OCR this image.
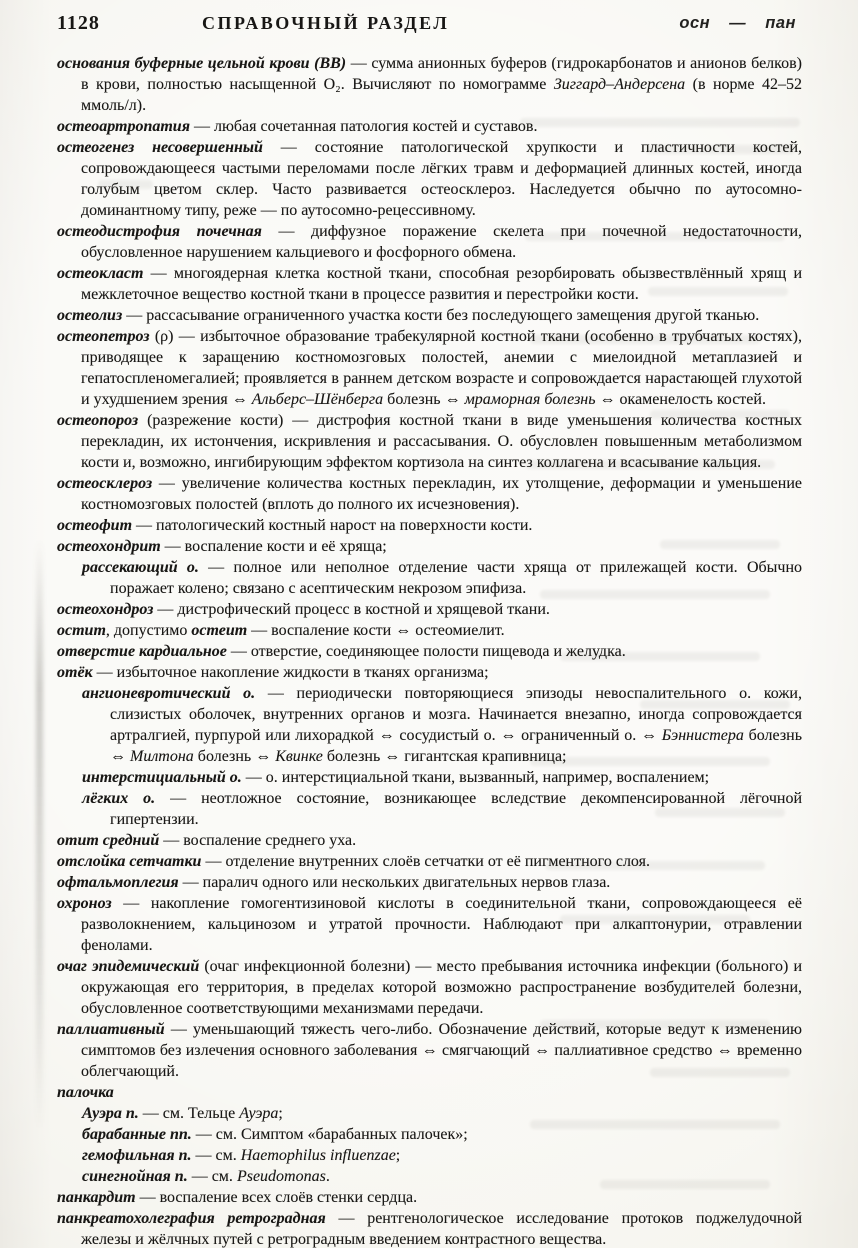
1128	СПРАВОЧНЫЙ РАЗДЕЛ	осн — пан
основания буферные цельной крови (ВВ) — сумма анионных буферов (гидрокарбонатов и анионов белков) в крови, полностью насыщенной О₂. Вычисляют по номограмме Зиггард–Андерсена (в норме 42–52 ммоль/л).
остеоартропатия — любая сочетанная патология костей и суставов.
остеогенез несовершенный — состояние патологической хрупкости и пластичности костей, сопровождающееся частыми переломами после лёгких травм и деформацией длинных костей, иногда голубым цветом склер. Часто развивается остеосклероз. Наследуется обычно по аутосомно-доминантному типу, реже — по аутосомно-рецессивному.
остеодистрофия почечная — диффузное поражение скелета при почечной недостаточности, обусловленное нарушением кальциевого и фосфорного обмена.
остеокласт — многоядерная клетка костной ткани, способная резорбировать обызвествлённый хрящ и межклеточное вещество костной ткани в процессе развития и перестройки кости.
остеолиз — рассасывание ограниченного участка кости без последующего замещения другой тканью.
остеопетроз (ρ) — избыточное образование трабекулярной костной ткани (особенно в трубчатых костях), приводящее к заращению костномозговых полостей, анемии с миелоидной метаплазией и гепатоспленомегалией; проявляется в раннем детском возрасте и сопровождается нарастающей глухотой и ухудшением зрения ⇔ Альберс–Шёнберга болезнь ⇔ мраморная болезнь ⇔ окаменелость костей.
остеопороз (разрежение кости) — дистрофия костной ткани в виде уменьшения количества костных перекладин, их истончения, искривления и рассасывания. О. обусловлен повышенным метаболизмом кости и, возможно, ингибирующим эффектом кортизола на синтез коллагена и всасывание кальция.
остеосклероз — увеличение количества костных перекладин, их утолщение, деформации и уменьшение костномозговых полостей (вплоть до полного их исчезновения).
остеофит — патологический костный нарост на поверхности кости.
остеохондрит — воспаление кости и её хряща;
рассекающий о. — полное или неполное отделение части хряща от прилежащей кости. Обычно поражает колено; связано с асептическим некрозом эпифиза.
остеохондроз — дистрофический процесс в костной и хрящевой ткани.
остит, допустимо остеит — воспаление кости ⇔ остеомиелит.
отверстие кардиальное — отверстие, соединяющее полости пищевода и желудка.
отёк — избыточное накопление жидкости в тканях организма;
ангионевротический о. — периодически повторяющиеся эпизоды невоспалительного о. кожи, слизистых оболочек, внутренних органов и мозга. Начинается внезапно, иногда сопровождается артралгией, пурпурой или лихорадкой ⇔ сосудистый о. ⇔ ограниченный о. ⇔ Бэннистера болезнь ⇔ Милтона болезнь ⇔ Квинке болезнь ⇔ гигантская крапивница;
интерстициальный о. — о. интерстициальной ткани, вызванный, например, воспалением;
лёгких о. — неотложное состояние, возникающее вследствие декомпенсированной лёгочной гипертензии.
отит средний — воспаление среднего уха.
отслойка сетчатки — отделение внутренних слоёв сетчатки от её пигментного слоя.
офтальмоплегия — паралич одного или нескольких двигательных нервов глаза.
охроноз — накопление гомогентизиновой кислоты в соединительной ткани, сопровождающееся её разволокнением, кальцинозом и утратой прочности. Наблюдают при алкаптонурии, отравлении фенолами.
очаг эпидемический (очаг инфекционной болезни) — место пребывания источника инфекции (больного) и окружающая его территория, в пределах которой возможно распространение возбудителей болезни, обусловленное соответствующими механизмами передачи.
паллиативный — уменьшающий тяжесть чего-либо. Обозначение действий, которые ведут к изменению симптомов без излечения основного заболевания ⇔ смягчающий ⇔ паллиативное средство ⇔ временно облегчающий.
палочка
Ауэра п. — см. Тельце Ауэра;
барабанные пп. — см. Симптом «барабанных палочек»;
гемофильная п. — см. Haemophilus influenzae;
синегнойная п. — см. Pseudomonas.
панкардит — воспаление всех слоёв стенки сердца.
панкреатохолеграфия ретроградная — рентгенологическое исследование протоков поджелудочной железы и жёлчных путей с ретроградным введением контрастного вещества.
